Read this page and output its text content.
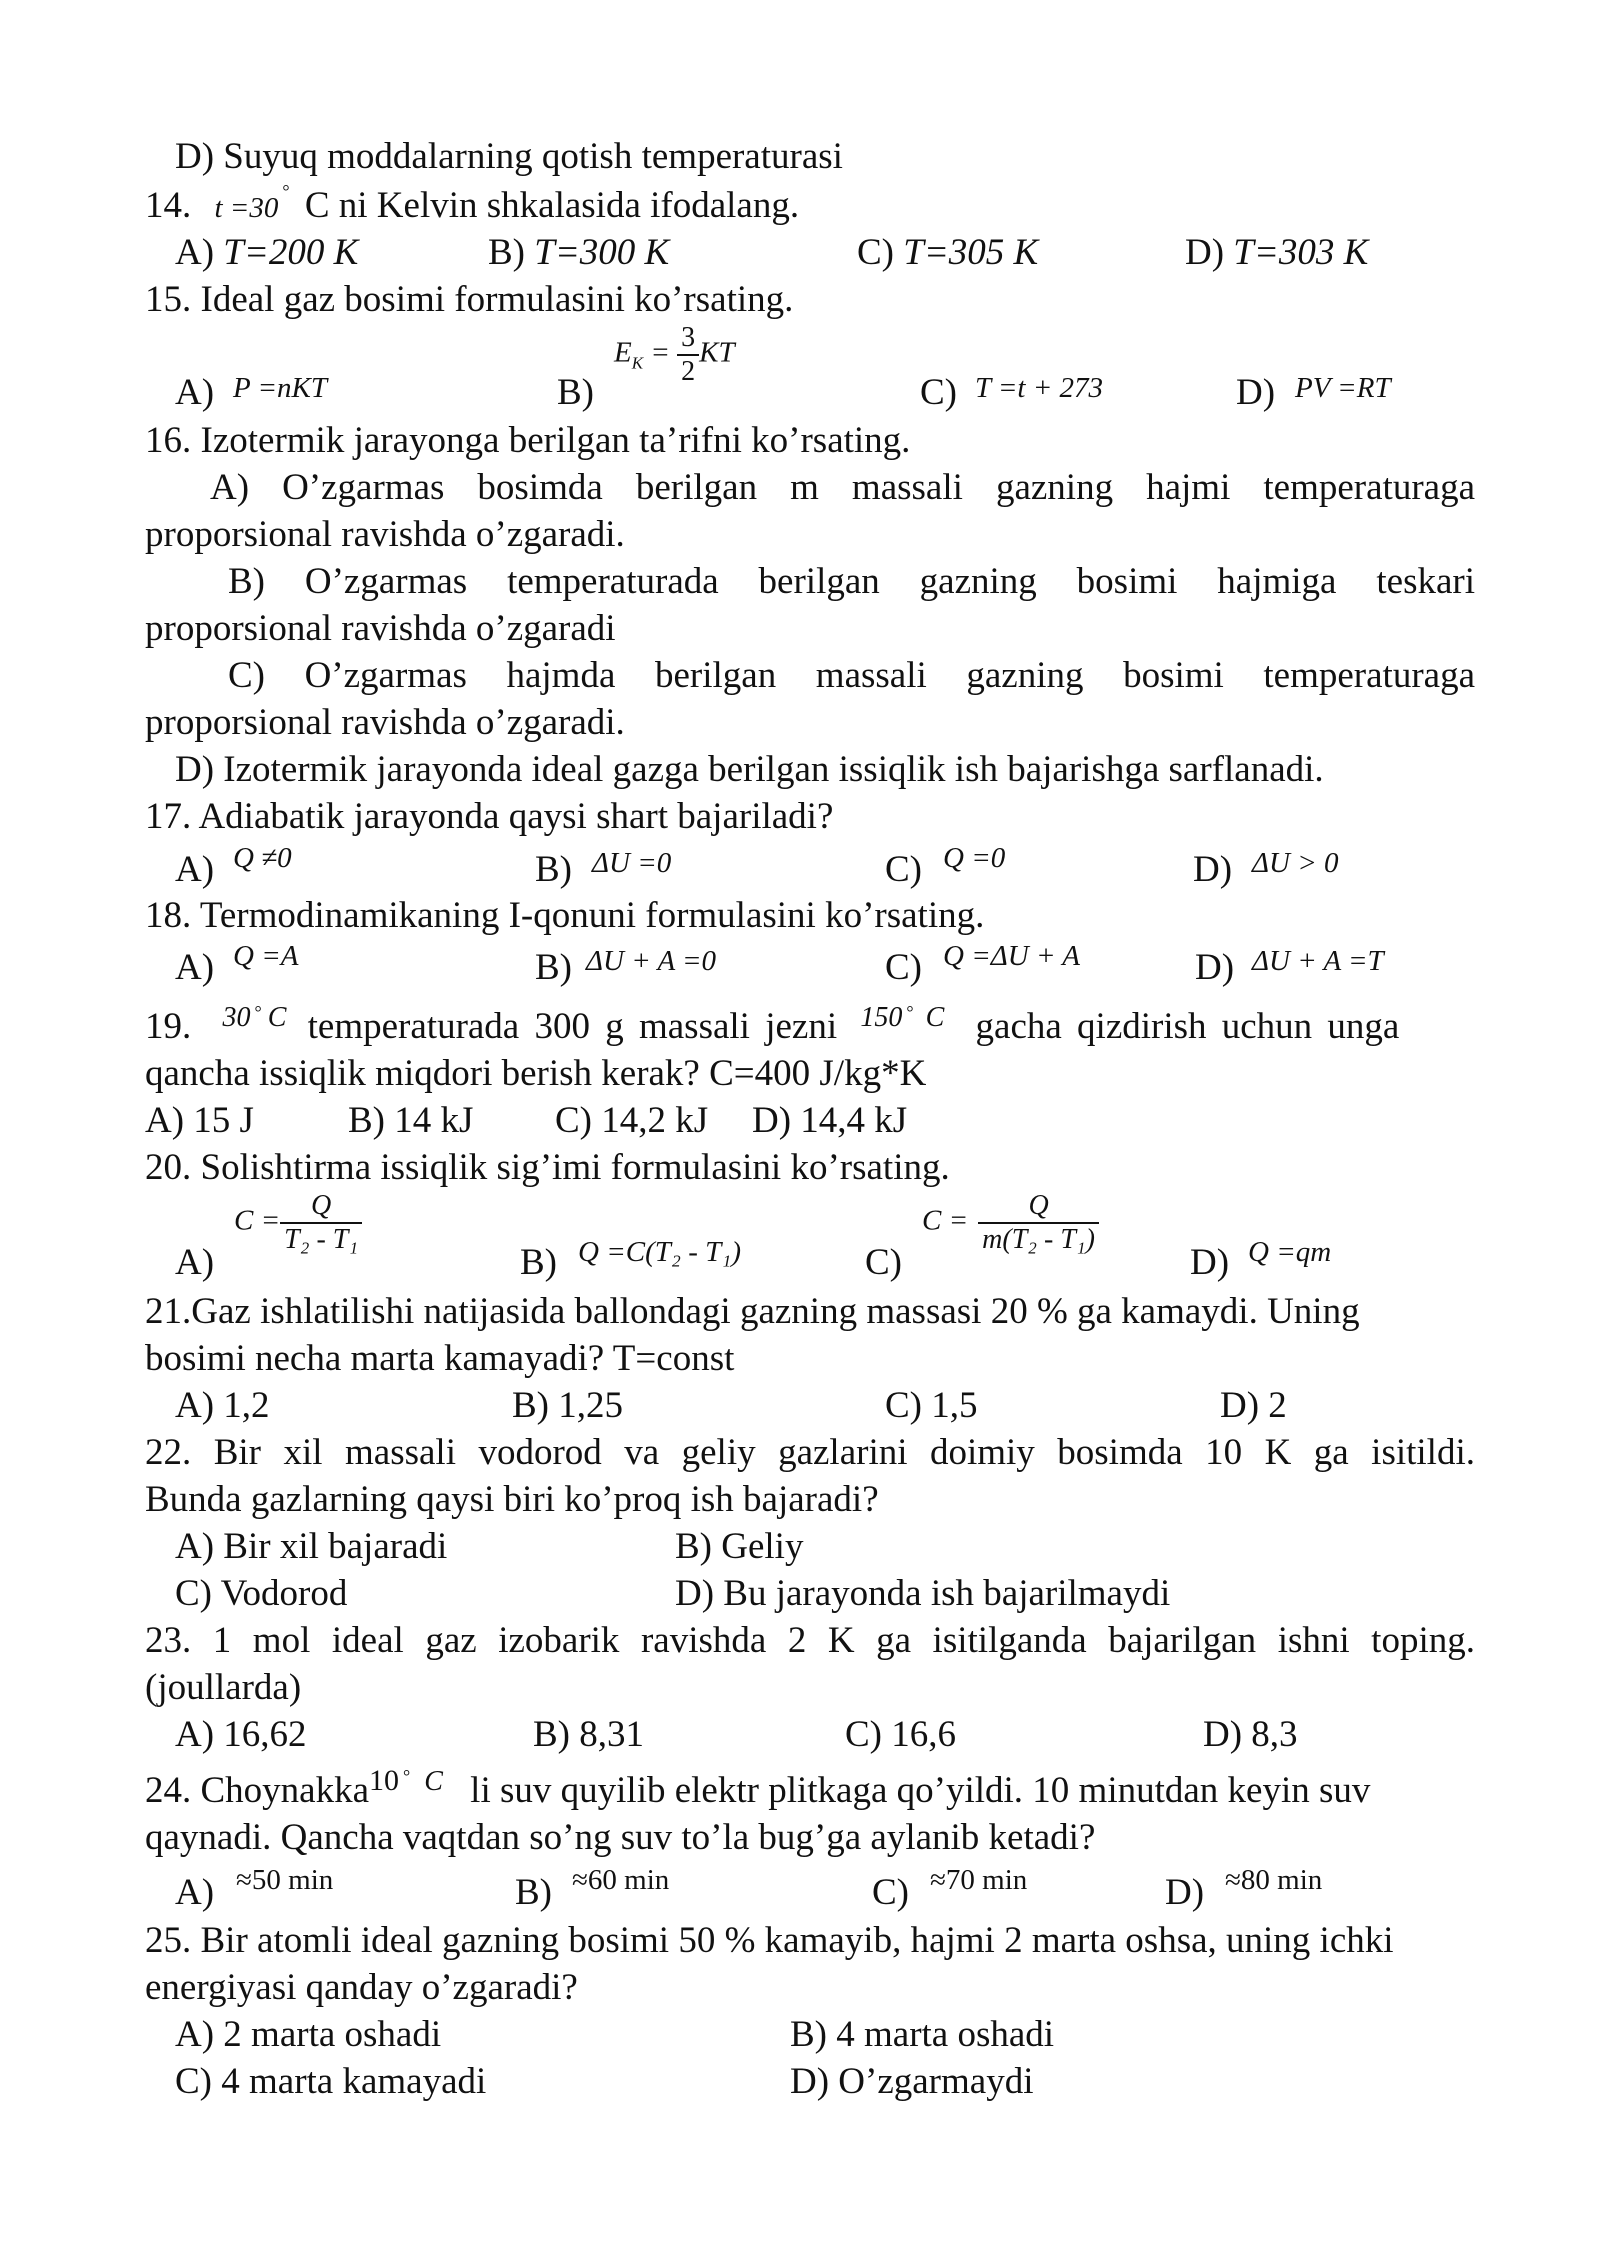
D) Suyuq moddalarning qotish temperaturasi
14. t =30° C ni Kelvin shkalasida ifodalang.
A) T=200 K	B) T=300 K	C) T=305 K	D) T=303 K
15. Ideal gaz bosimi formulasini ko’rsating.
A) P =nKT	B)
$E_K = \frac{3}{2}$ KT
C) T =t + 273	D) PV =RT
16. Izotermik jarayonga berilgan ta’rifni ko’rsating.
A) O’zgarmas bosimda berilgan m massali gazning hajmi temperaturaga
proporsional ravishda o’zgaradi.
B) O’zgarmas temperaturada berilgan gazning bosimi hajmiga teskari
proporsional ravishda o’zgaradi
C) O’zgarmas hajmda berilgan massali gazning bosimi temperaturaga
proporsional ravishda o’zgaradi.
D) Izotermik jarayonda ideal gazga berilgan issiqlik ish bajarishga sarflanadi.
17. Adiabatik jarayonda qaysi shart bajariladi?
A) Q ≠0	B) ΔU =0	C) Q =0	D) ΔU > 0
18. Termodinamikaning I-qonuni formulasini ko’rsating.
A) Q =A	B) ΔU + A =0	C) Q =ΔU + A	D) ΔU + A =T
19. $^{30}$ ° $^C$ temperaturada 300 g massali jezni $^{150}$ ° $^C$ gacha qizdirish uchun unga
qancha issiqlik miqdori berish kerak? C=400 J/kg*K
A) 15 J	B) 14 kJ C) 14,2 kJ D) 14,4 kJ
20. Solishtirma issiqlik sig’imi formulasini ko’rsating.
A)
$C = \frac{Q}{\text{T₂ - T₁}}$
B) Q =C(T₂ - T₁)	C)
$C = \frac{Q}{\text{m(T₂ - T₁)}}$
D) Q =qm
21.Gaz ishlatilishi natijasida ballondagi gazning massasi 20 % ga kamaydi. Uning
bosimi necha marta kamayadi? T=const
A) 1,2	B) 1,25	C) 1,5	D) 2
22. Bir xil massali vodorod va geliy gazlarini doimiy bosimda 10 K ga isitildi.
Bunda gazlarning qaysi biri ko’proq ish bajaradi?
A) Bir xil bajaradi	B) Geliy
C) Vodorod	D) Bu jarayonda ish bajarilmaydi
23. 1 mol ideal gaz izobarik ravishda 2 K ga isitilganda bajarilgan ishni toping.
(joullarda)
A) 16,62	B) 8,31	C) 16,6	D) 8,3
24. Choynakka$^{10}$ ° $^C$ li suv quyilib elektr plitkaga qo’yildi. 10 minutdan keyin suv
qaynadi. Qancha vaqtdan so’ng suv to’la bug’ga aylanib ketadi?
A) ≈50 min	B) ≈60 min	C) ≈70 min	D) ≈80 min
25. Bir atomli ideal gazning bosimi 50 % kamayib, hajmi 2 marta oshsa, uning ichki
energiyasi qanday o’zgaradi?
A) 2 marta oshadi	B) 4 marta oshadi
C) 4 marta kamayadi	D) O’zgarmaydi
